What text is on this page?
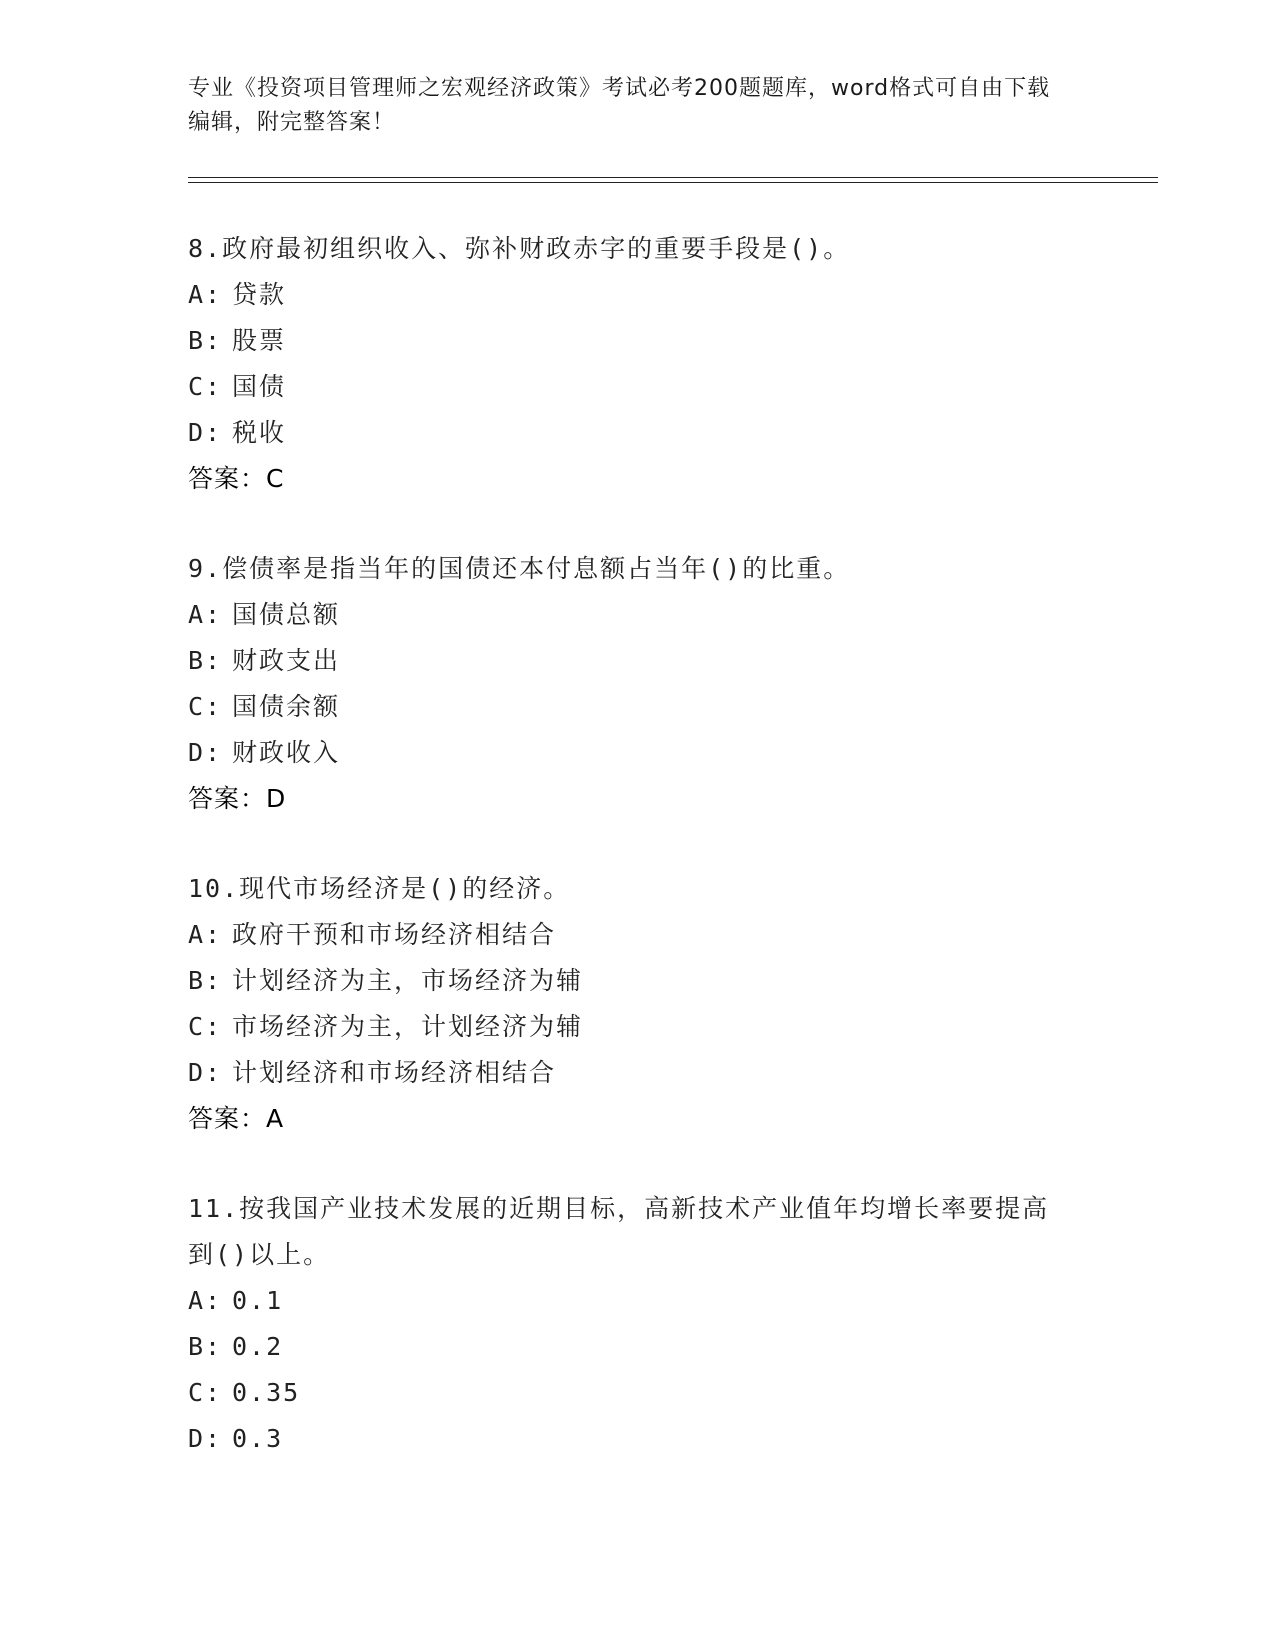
专业《投资项目管理师之宏观经济政策》考试必考200题题库，word格式可自由下载编辑，附完整答案！

8.政府最初组织收入、弥补财政赤字的重要手段是()。

A: 贷款

B: 股票

C: 国债

D: 税收

答案：C

9.偿债率是指当年的国债还本付息额占当年()的比重。

A: 国债总额

B: 财政支出

C: 国债余额

D: 财政收入

答案：D

10.现代市场经济是()的经济。

A: 政府干预和市场经济相结合

B: 计划经济为主，市场经济为辅

C: 市场经济为主，计划经济为辅

D: 计划经济和市场经济相结合

答案：A

11.按我国产业技术发展的近期目标，高新技术产业值年均增长率要提高到()以上。

A: 0.1

B: 0.2

C: 0.35

D: 0.3
